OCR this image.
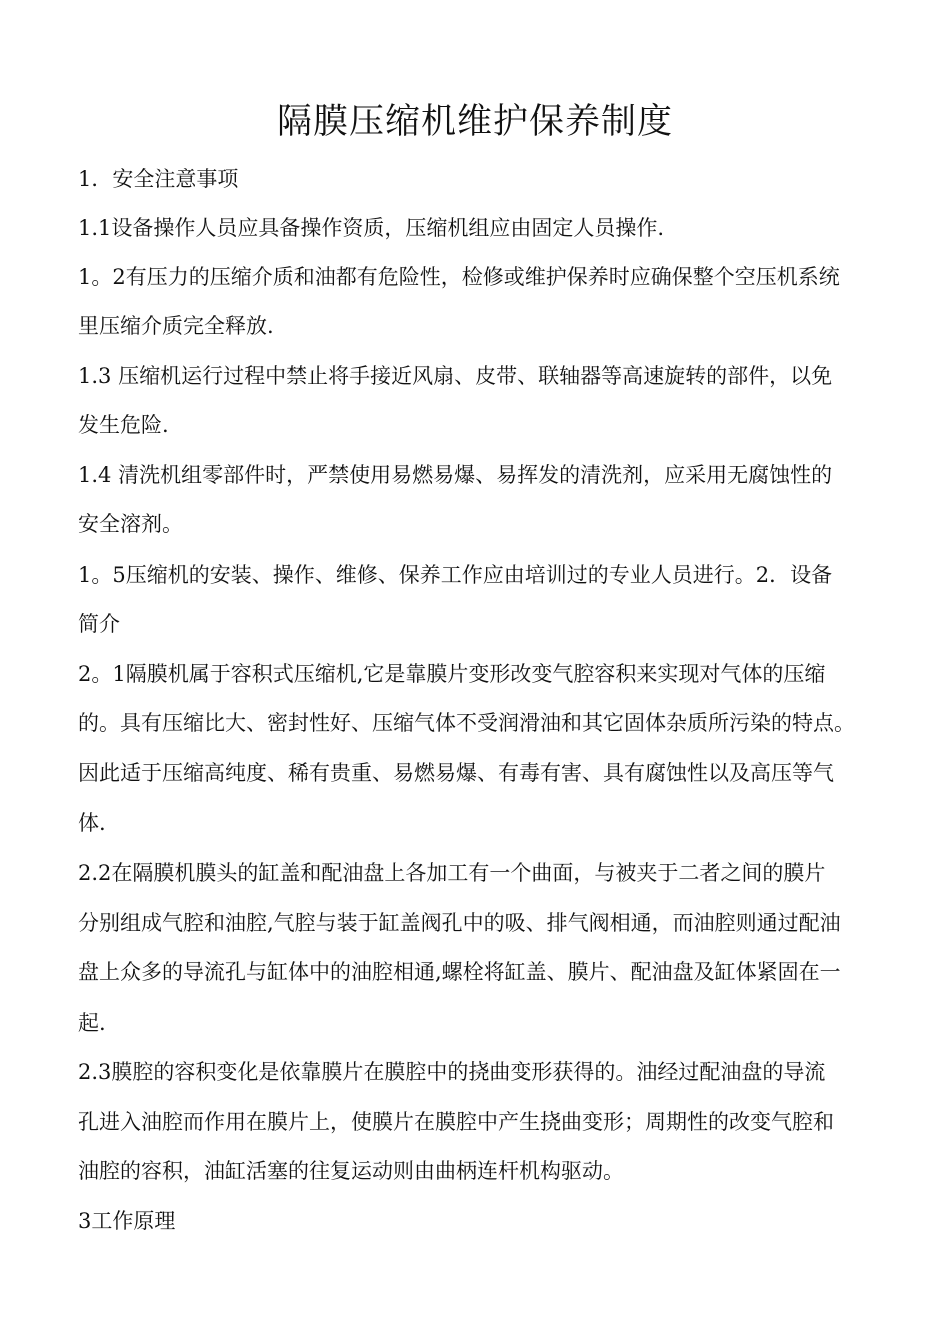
隔膜压缩机维护保养制度
1．安全注意事项
1.1设备操作人员应具备操作资质，压缩机组应由固定人员操作.
1。2有压力的压缩介质和油都有危险性，检修或维护保养时应确保整个空压机系统
里压缩介质完全释放.
1.3 压缩机运行过程中禁止将手接近风扇、皮带、联轴器等高速旋转的部件，以免
发生危险.
1.4 清洗机组零部件时，严禁使用易燃易爆、易挥发的清洗剂，应采用无腐蚀性的
安全溶剂。
1。5压缩机的安装、操作、维修、保养工作应由培训过的专业人员进行。2．设备
简介
2。1隔膜机属于容积式压缩机,它是靠膜片变形改变气腔容积来实现对气体的压缩
的。具有压缩比大、密封性好、压缩气体不受润滑油和其它固体杂质所污染的特点。
因此适于压缩高纯度、稀有贵重、易燃易爆、有毒有害、具有腐蚀性以及高压等气
体.
2.2在隔膜机膜头的缸盖和配油盘上各加工有一个曲面，与被夹于二者之间的膜片
分别组成气腔和油腔,气腔与装于缸盖阀孔中的吸、排气阀相通，而油腔则通过配油
盘上众多的导流孔与缸体中的油腔相通,螺栓将缸盖、膜片、配油盘及缸体紧固在一
起.
2.3膜腔的容积变化是依靠膜片在膜腔中的挠曲变形获得的。油经过配油盘的导流
孔进入油腔而作用在膜片上，使膜片在膜腔中产生挠曲变形；周期性的改变气腔和
油腔的容积，油缸活塞的往复运动则由曲柄连杆机构驱动。
3工作原理
